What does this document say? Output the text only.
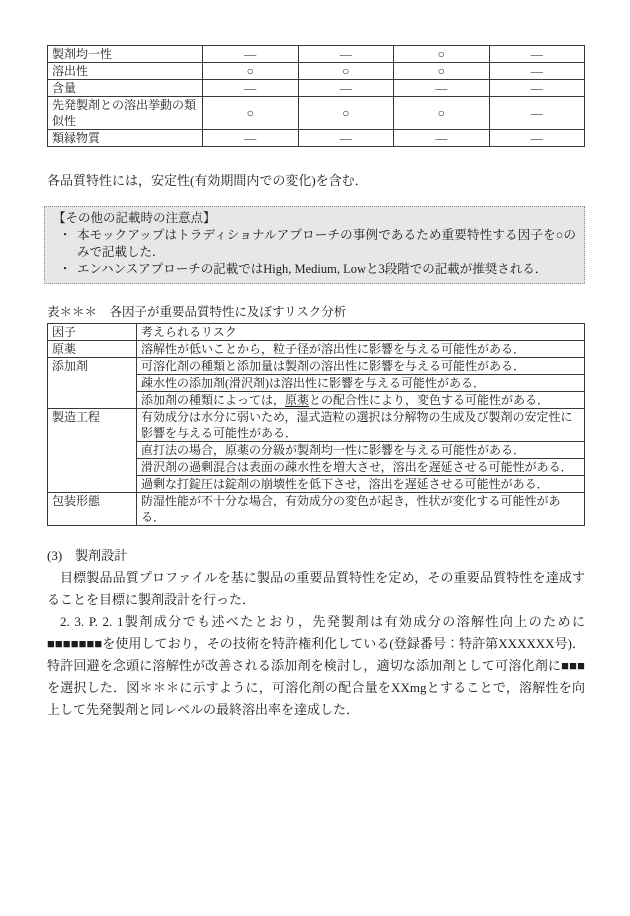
製剤均一性	―	―	○	―
溶出性	○	○	○	―
含量	―	―	―	―
先発製剤との溶出挙動の類似性	○	○	○	―
類縁物質	―	―	―	―
各品質特性には，安定性(有効期間内での変化)を含む．
【その他の記載時の注意点】
・ 本モックアップはトラディショナルアプローチの事例であるため重要特性する因子を○のみで記載した．
・ エンハンスアプローチの記載ではHigh, Medium, Lowと3段階での記載が推奨される．
表＊＊＊　各因子が重要品質特性に及ぼすリスク分析
因子	考えられるリスク
原薬	溶解性が低いことから，粒子径が溶出性に影響を与える可能性がある．
添加剤	可溶化剤の種類と添加量は製剤の溶出性に影響を与える可能性がある．
	疎水性の添加剤(滑沢剤)は溶出性に影響を与える可能性がある．
	添加剤の種類によっては，原薬との配合性により，変色する可能性がある．
製造工程	有効成分は水分に弱いため，湿式造粒の選択は分解物の生成及び製剤の安定性に影響を与える可能性がある．
	直打法の場合，原薬の分級が製剤均一性に影響を与える可能性がある．
	滑沢剤の過剰混合は表面の疎水性を増大させ，溶出を遅延させる可能性がある．
	過剰な打錠圧は錠剤の崩壊性を低下させ，溶出を遅延させる可能性がある．
包装形態	防湿性能が不十分な場合，有効成分の変色が起き，性状が変化する可能性がある．
(3)　製剤設計

目標製品品質プロファイルを基に製品の重要品質特性を定め，その重要品質特性を達成することを目標に製剤設計を行った．

2. 3. P. 2. 1製剤成分でも述べたとおり，先発製剤は有効成分の溶解性向上のために■■■■■■■を使用しており，その技術を特許権利化している(登録番号：特許第XXXXXX号)．特許回避を念頭に溶解性が改善される添加剤を検討し，適切な添加剤として可溶化剤に■■■を選択した．図＊＊＊に示すように，可溶化剤の配合量をXXmgとすることで，溶解性を向上して先発製剤と同レベルの最終溶出率を達成した．
